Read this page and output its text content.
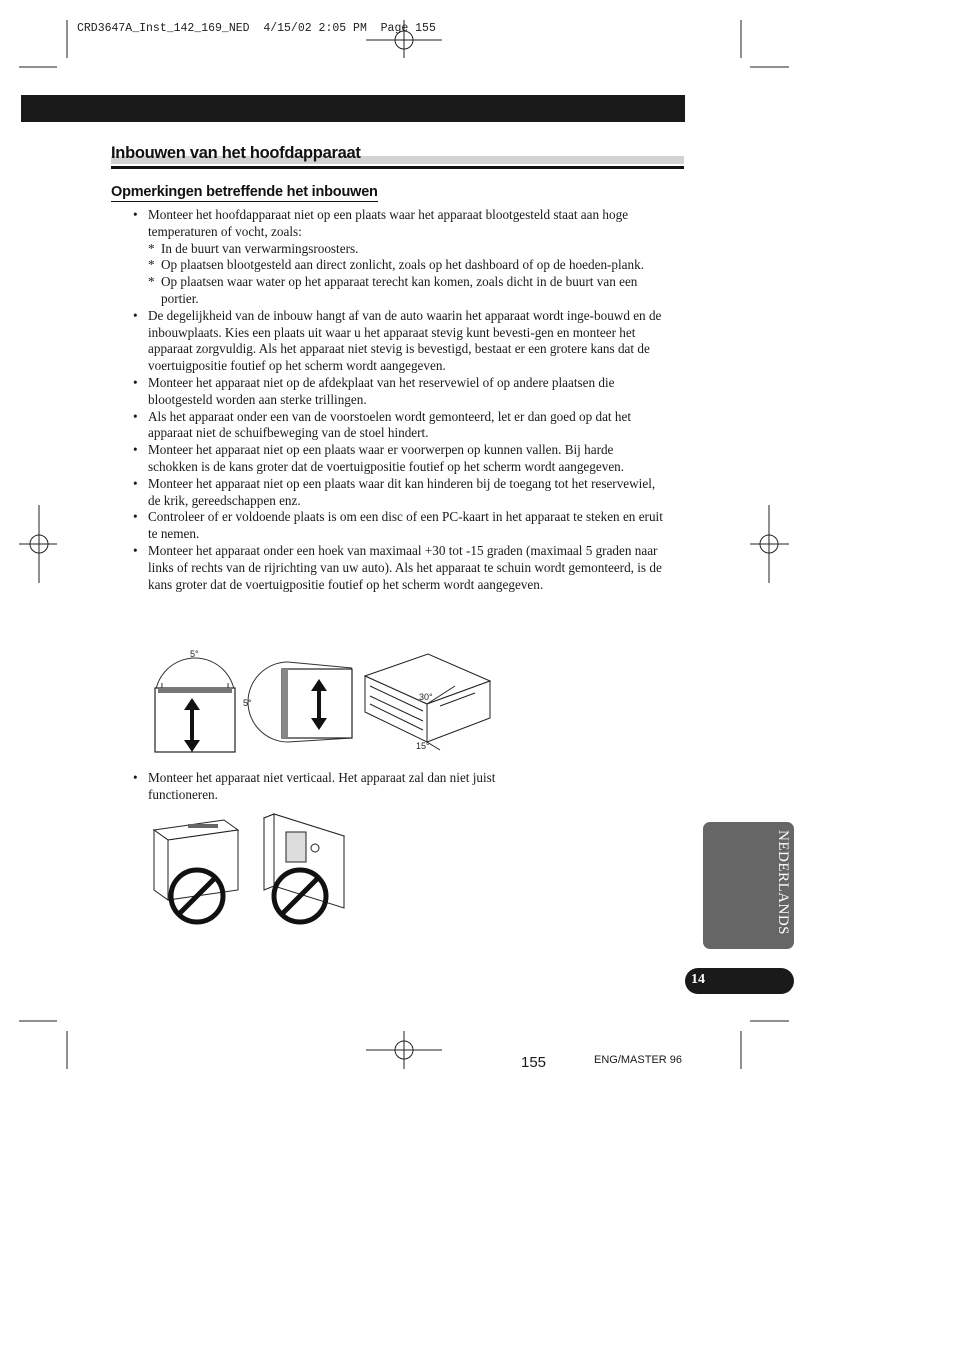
CRD3647A_Inst_142_169_NED  4/15/02 2:05 PM  Page 155
Inbouwen van het hoofdapparaat
Opmerkingen betreffende het inbouwen
• Monteer het hoofdapparaat niet op een plaats waar het apparaat blootgesteld staat aan hoge temperaturen of vocht, zoals:
* In de buurt van verwarmingsroosters.
* Op plaatsen blootgesteld aan direct zonlicht, zoals op het dashboard of op de hoeden-plank.
* Op plaatsen waar water op het apparaat terecht kan komen, zoals dicht in de buurt van een portier.
• De degelijkheid van de inbouw hangt af van de auto waarin het apparaat wordt inge-bouwd en de inbouwplaats. Kies een plaats uit waar u het apparaat stevig kunt bevesti-gen en monteer het apparaat zorgvuldig. Als het apparaat niet stevig is bevestigd, bestaat er een grotere kans dat de voertuigpositie foutief op het scherm wordt aangegeven.
• Monteer het apparaat niet op de afdekplaat van het reservewiel of op andere plaatsen die blootgesteld worden aan sterke trillingen.
• Als het apparaat onder een van de voorstoelen wordt gemonteerd, let er dan goed op dat het apparaat niet de schuifbeweging van de stoel hindert.
• Monteer het apparaat niet op een plaats waar er voorwerpen op kunnen vallen. Bij harde schokken is de kans groter dat de voertuigpositie foutief op het scherm wordt aangegeven.
• Monteer het apparaat niet op een plaats waar dit kan hinderen bij de toegang tot het reservewiel, de krik, gereedschappen enz.
• Controleer of er voldoende plaats is om een disc of een PC-kaart in het apparaat te steken en eruit te nemen.
• Monteer het apparaat onder een hoek van maximaal +30 tot -15 graden (maximaal 5 graden naar links of rechts van de rijrichting van uw auto). Als het apparaat te schuin wordt gemonteerd, is de kans groter dat de voertuigpositie foutief op het scherm wordt aangegeven.
5°
5°
30°
15°
• Monteer het apparaat niet verticaal. Het apparaat zal dan niet juist functioneren.
NEDERLANDS
14
155	ENG/MASTER 96
